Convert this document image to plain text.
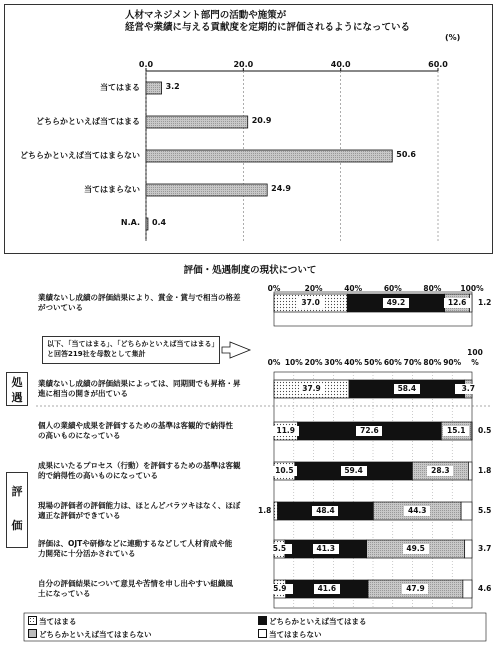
人材マネジメント部門の活動や施策が
経営や業績に与える貢献度を定期的に評価されるようになっている
(%)
0.0	20.0	40.0	60.0
当てはまる	3.2
どちらかといえば当てはまる	20.9
どちらかといえば当てはまらない	50.6
当てはまらない	24.9
N.A. 0.4
評価・処遇制度の現状について
0%	20%	40%	60%	80%	100%
0% 10% 20% 30% 40% 50% 60% 70% 80% 90%
100
%
以下、「当てはまる」、「どちらかといえば当てはまる」と回答219社を母数として集計
業績ないし成績の評価結果により、賞金・賞与で相当の格差
がついている
37.0	49.2	12.6	1.2
業績ないし成績の評価結果によっては、同期間でも昇格・昇
進に相当の開きが出ている
37.9	58.4	3.7
個人の業績や成果を評価するための基準は客観的で納得性
の高いものになっている
11.9	72.6	15.1	0.5
成果にいたるプロセス（行動）を評価するための基準は客観
的で納得性の高いものになっている
10.5	59.4	28.3	1.8
現場の評価者の評価能力は、ほとんどバラツキはなく、ほぼ
適正な評価ができている
1.8	48.4	44.3	5.5
評価は、OJTや研修などに連動するなどして人材育成や能
力開発に十分活かされている
5.5	41.3	49.5	3.7
自分の評価結果について意見や苦情を申し出やすい組織風
土になっている
5.9	41.6	47.9	4.6
処
遇
評
価
当てはまる	どちらかといえば当てはまる
どちらかといえば当てはまらない	当てはまらない
